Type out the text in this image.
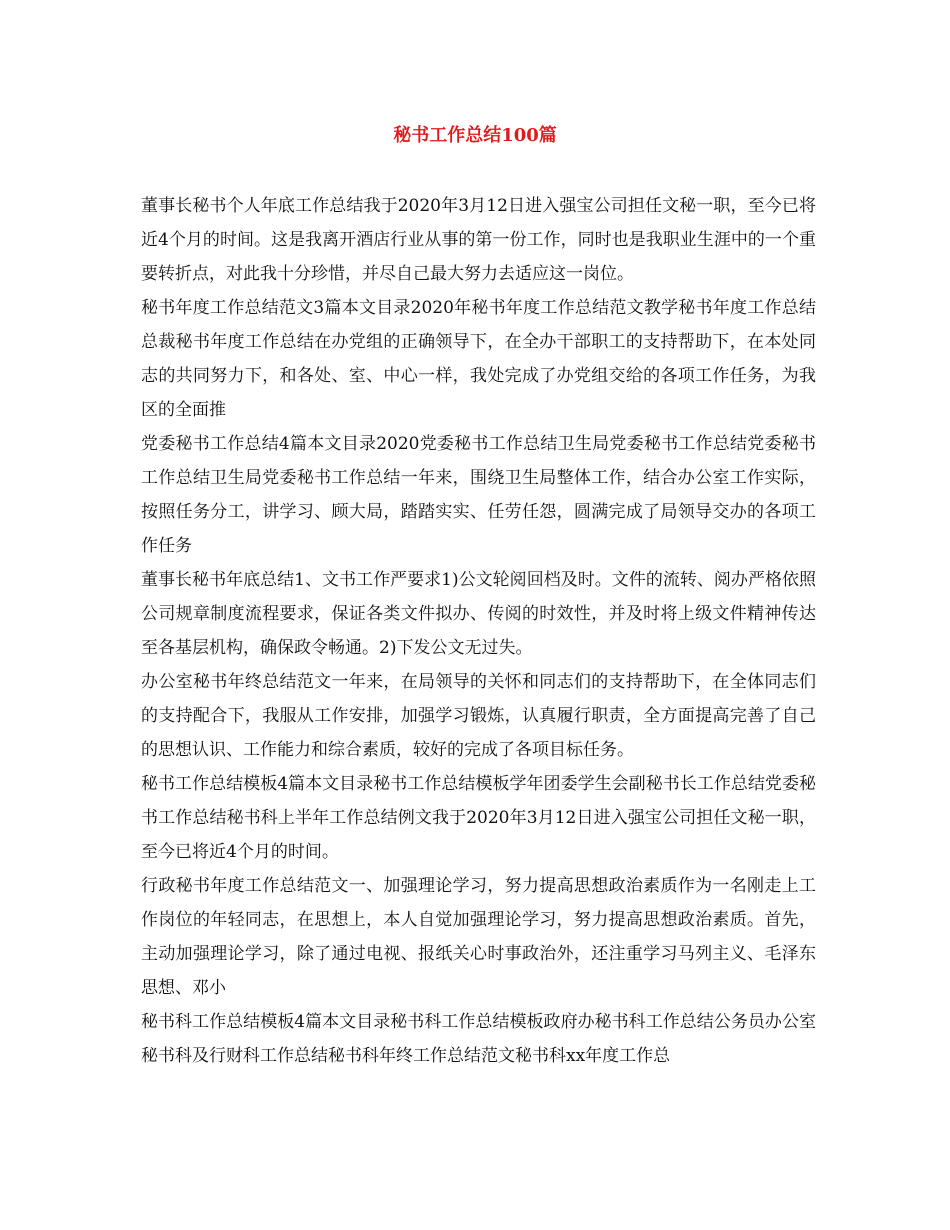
秘书工作总结100篇

董事长秘书个人年底工作总结我于2020年3月12日进入强宝公司担任文秘一职，至今已将近4个月的时间。这是我离开酒店行业从事的第一份工作，同时也是我职业生涯中的一个重要转折点，对此我十分珍惜，并尽自己最大努力去适应这一岗位。

秘书年度工作总结范文3篇本文目录2020年秘书年度工作总结范文教学秘书年度工作总结总裁秘书年度工作总结在办党组的正确领导下，在全办干部职工的支持帮助下，在本处同志的共同努力下，和各处、室、中心一样，我处完成了办党组交给的各项工作任务，为我区的全面推

党委秘书工作总结4篇本文目录2020党委秘书工作总结卫生局党委秘书工作总结党委秘书工作总结卫生局党委秘书工作总结一年来，围绕卫生局整体工作，结合办公室工作实际，按照任务分工，讲学习、顾大局，踏踏实实、任劳任怨，圆满完成了局领导交办的各项工作任务

董事长秘书年底总结1、文书工作严要求1)公文轮阅回档及时。文件的流转、阅办严格依照公司规章制度流程要求，保证各类文件拟办、传阅的时效性，并及时将上级文件精神传达至各基层机构，确保政令畅通。2)下发公文无过失。

办公室秘书年终总结范文一年来，在局领导的关怀和同志们的支持帮助下，在全体同志们的支持配合下，我服从工作安排，加强学习锻炼，认真履行职责，全方面提高完善了自己的思想认识、工作能力和综合素质，较好的完成了各项目标任务。

秘书工作总结模板4篇本文目录秘书工作总结模板学年团委学生会副秘书长工作总结党委秘书工作总结秘书科上半年工作总结例文我于2020年3月12日进入强宝公司担任文秘一职，至今已将近4个月的时间。

行政秘书年度工作总结范文一、加强理论学习，努力提高思想政治素质作为一名刚走上工作岗位的年轻同志，在思想上，本人自觉加强理论学习，努力提高思想政治素质。首先，主动加强理论学习，除了通过电视、报纸关心时事政治外，还注重学习马列主义、毛泽东思想、邓小

秘书科工作总结模板4篇本文目录秘书科工作总结模板政府办秘书科工作总结公务员办公室秘书科及行财科工作总结秘书科年终工作总结范文秘书科xx年度工作总
